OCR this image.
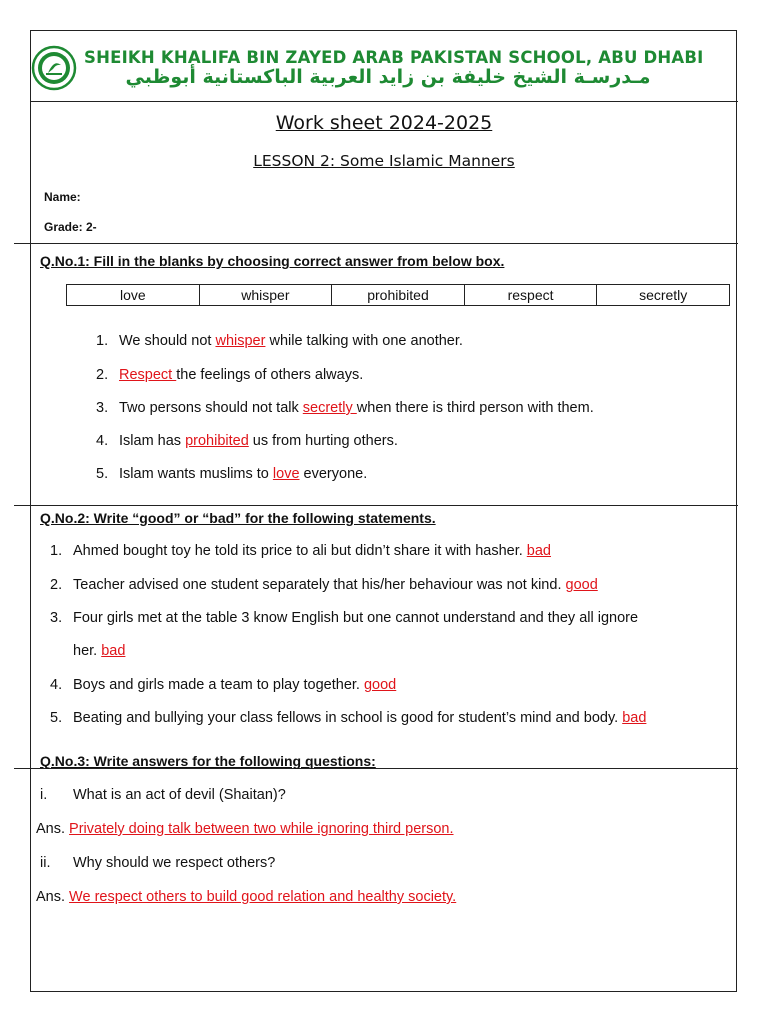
SHEIKH KHALIFA BIN ZAYED ARAB PAKISTAN SCHOOL, ABU DHABI
مـدرسـة الشيخ خليفة بن زايد العربية الباكستانية أبوظبي
Work sheet 2024-2025
LESSON 2: Some Islamic Manners
Name:
Grade: 2-
Q.No.1: Fill in the blanks by choosing correct answer from below box.
love	whisper	prohibited	respect	secretly
1. We should not whisper while talking with one another.
2. Respect the feelings of others always.
3. Two persons should not talk secretly when there is third person with them.
4. Islam has prohibited us from hurting others.
5. Islam wants muslims to love everyone.
Q.No.2: Write “good” or “bad” for the following statements.
1. Ahmed bought toy he told its price to ali but didn’t share it with hasher. bad
2. Teacher advised one student separately that his/her behaviour was not kind. good
3. Four girls met at the table 3 know English but one cannot understand and they all ignore
her. bad
4. Boys and girls made a team to play together. good
5. Beating and bullying your class fellows in school is good for student’s mind and body. bad
Q.No.3: Write answers for the following questions:
i. What is an act of devil (Shaitan)?
Ans. Privately doing talk between two while ignoring third person.
ii. Why should we respect others?
Ans. We respect others to build good relation and healthy society.
